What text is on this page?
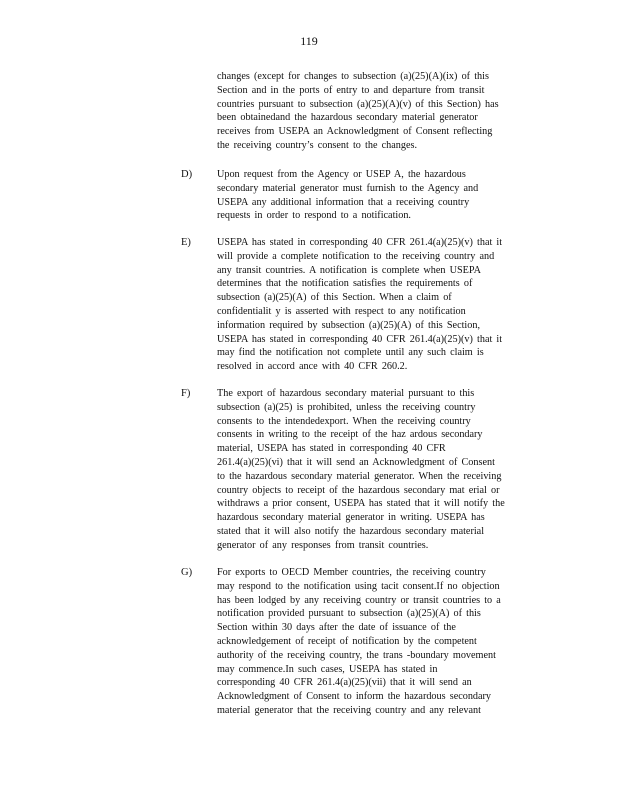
119
changes (except for changes to subsection (a)(25)(A)(ix) of this
Section and in the ports of entry to and departure from transit
countries pursuant to subsection (a)(25)(A)(v) of this Section) has
been obtainedand the hazardous secondary material generator
receives from USEPA an Acknowledgment of Consent reflecting
the receiving country’s consent to the changes.
D) Upon request from the Agency or USEP A, the hazardous
secondary material generator must furnish to the Agency and
USEPA any additional information that a receiving country
requests in order to respond to a notification.
E)	USEPA has stated in corresponding 40 CFR 261.4(a)(25)(v) that it
will provide a complete notification to the receiving country and
any transit countries. A notification is complete when USEPA
determines that the notification satisfies the requirements of
subsection (a)(25)(A) of this Section. When a claim of
confidentialit y is asserted with respect to any notification
information required by subsection (a)(25)(A) of this Section,
USEPA has stated in corresponding 40 CFR 261.4(a)(25)(v) that it
may find the notification not complete until any such claim is
resolved in accord ance with 40 CFR 260.2.
F)	The export of hazardous secondary material pursuant to this
subsection (a)(25) is prohibited, unless the receiving country
consents to the intendedexport. When the receiving country
consents in writing to the receipt of the haz ardous secondary
material, USEPA has stated in corresponding 40 CFR
261.4(a)(25)(vi) that it will send an Acknowledgment of Consent
to the hazardous secondary material generator. When the receiving
country objects to receipt of the hazardous secondary mat erial or
withdraws a prior consent, USEPA has stated that it will notify the
hazardous secondary material generator in writing. USEPA has
stated that it will also notify the hazardous secondary material
generator of any responses from transit countries.
G) For exports to OECD Member countries, the receiving country
may respond to the notification using tacit consent.If no objection
has been lodged by any receiving country or transit countries to a
notification provided pursuant to subsection (a)(25)(A) of this
Section within 30 days after the date of issuance of the
acknowledgement of receipt of notification by the competent
authority of the receiving country, the trans -boundary movement
may commence.In such cases, USEPA has stated in
corresponding 40 CFR 261.4(a)(25)(vii) that it will send an
Acknowledgment of Consent to inform the hazardous secondary
material generator that the receiving country and any relevant
